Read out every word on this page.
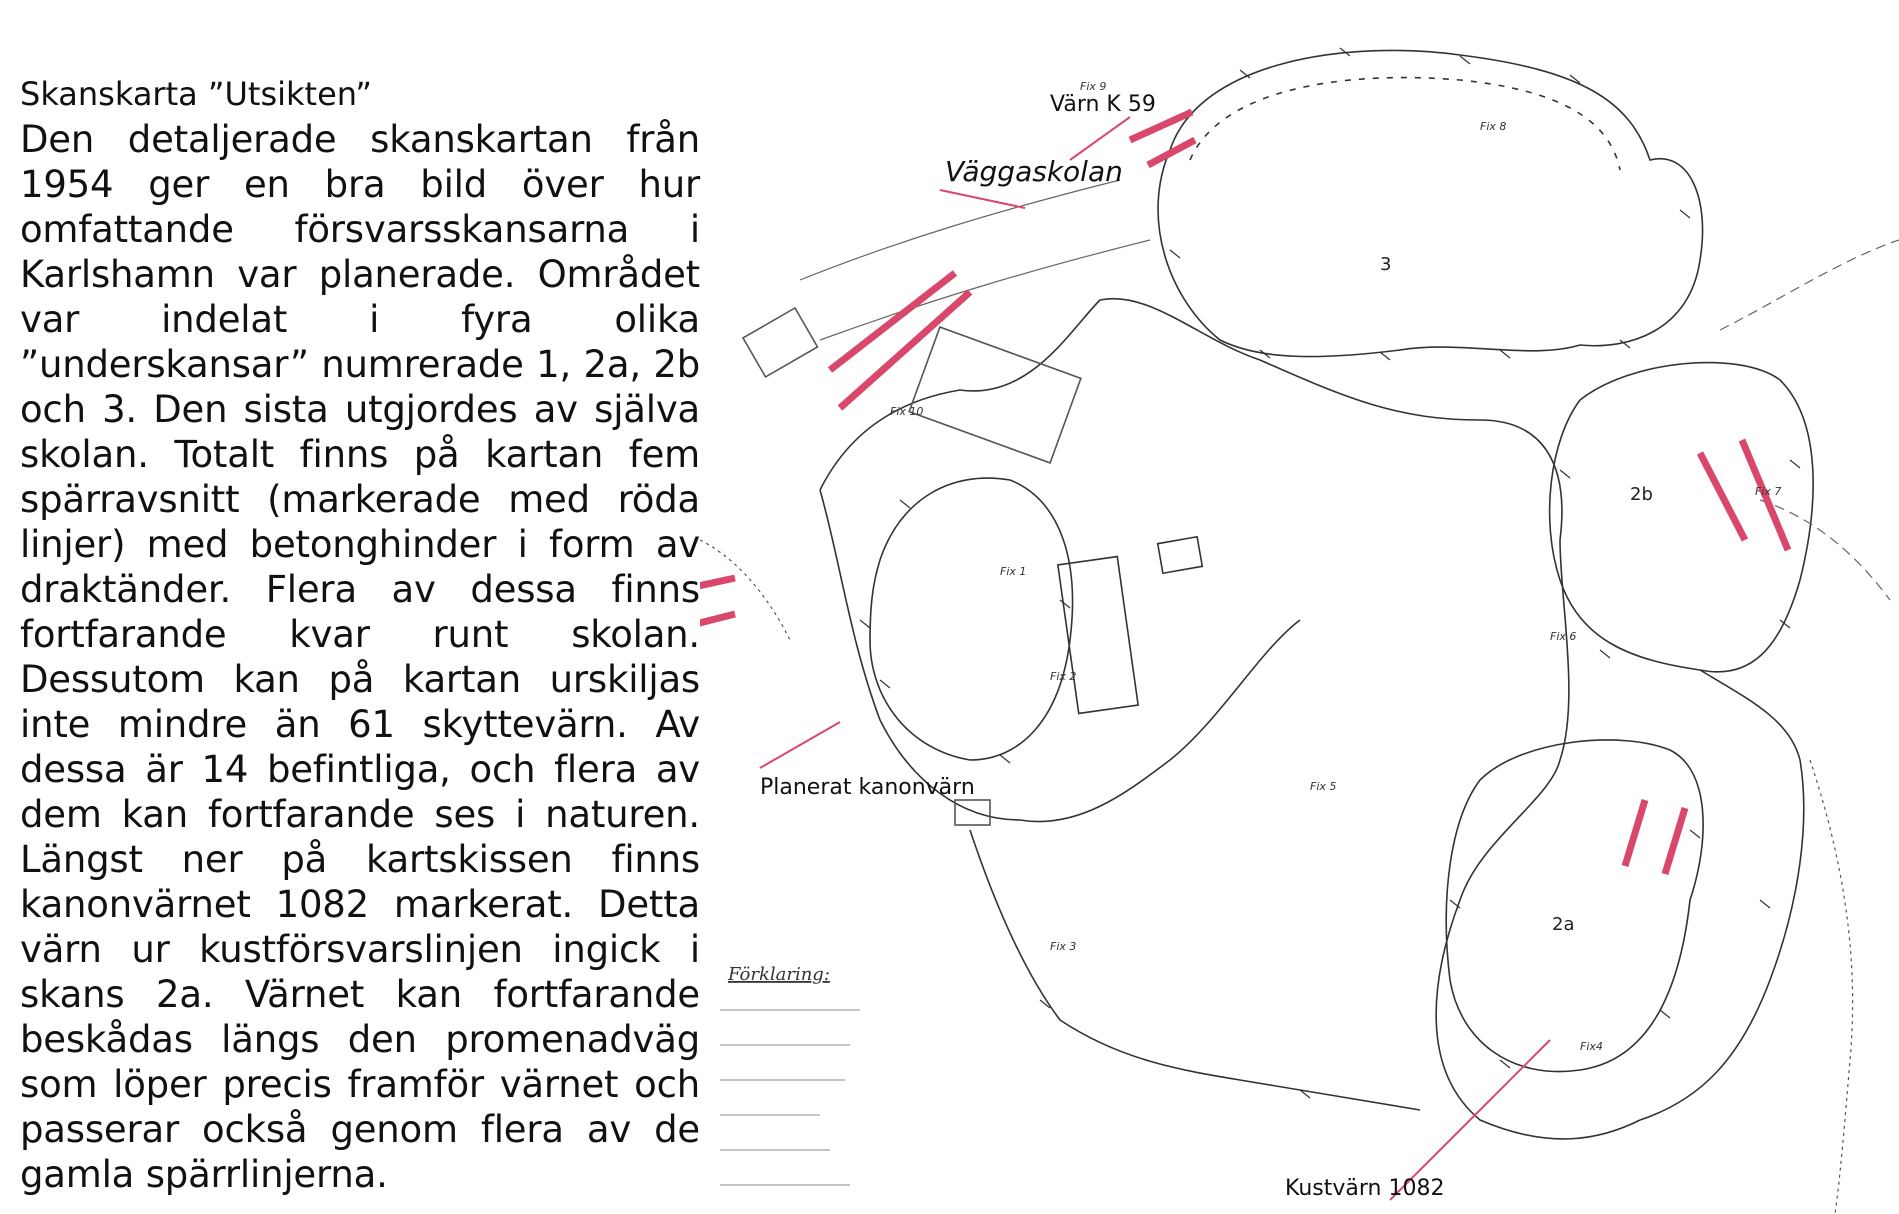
Skanskarta ”Utsikten”

Den detaljerade skanskartan från 1954 ger en bra bild över hur omfattande försvarsskansarna i Karlshamn var planerade. Området var indelat i fyra olika ”underskansar” numrerade 1, 2a, 2b och 3. Den sista utgjordes av själva skolan. Totalt finns på kartan fem spärravsnitt (markerade med röda linjer) med betonghinder i form av draktänder. Flera av dessa finns fortfarande kvar runt skolan. Dessutom kan på kartan urskiljas inte mindre än 61 skyttevärn. Av dessa är 14 befintliga, och flera av dem kan fortfarande ses i naturen. Längst ner på kartskissen finns kanonvärnet 1082 markerat. Detta värn ur kustförsvarslinjen ingick i skans 2a. Värnet kan fortfarande beskådas längs den promenadväg som löper precis framför värnet och passerar också genom flera av de gamla spärrlinjerna.

3
2b
2a
Fix 9
Fix 8
Fix 10
Fix 1
Fix 2
Fix 6
Fix 7
Fix 5
Fix 3
Fix4
Förklaring:
Värn K 59
Väggaskolan
Planerat kanonvärn
Kustvärn 1082
